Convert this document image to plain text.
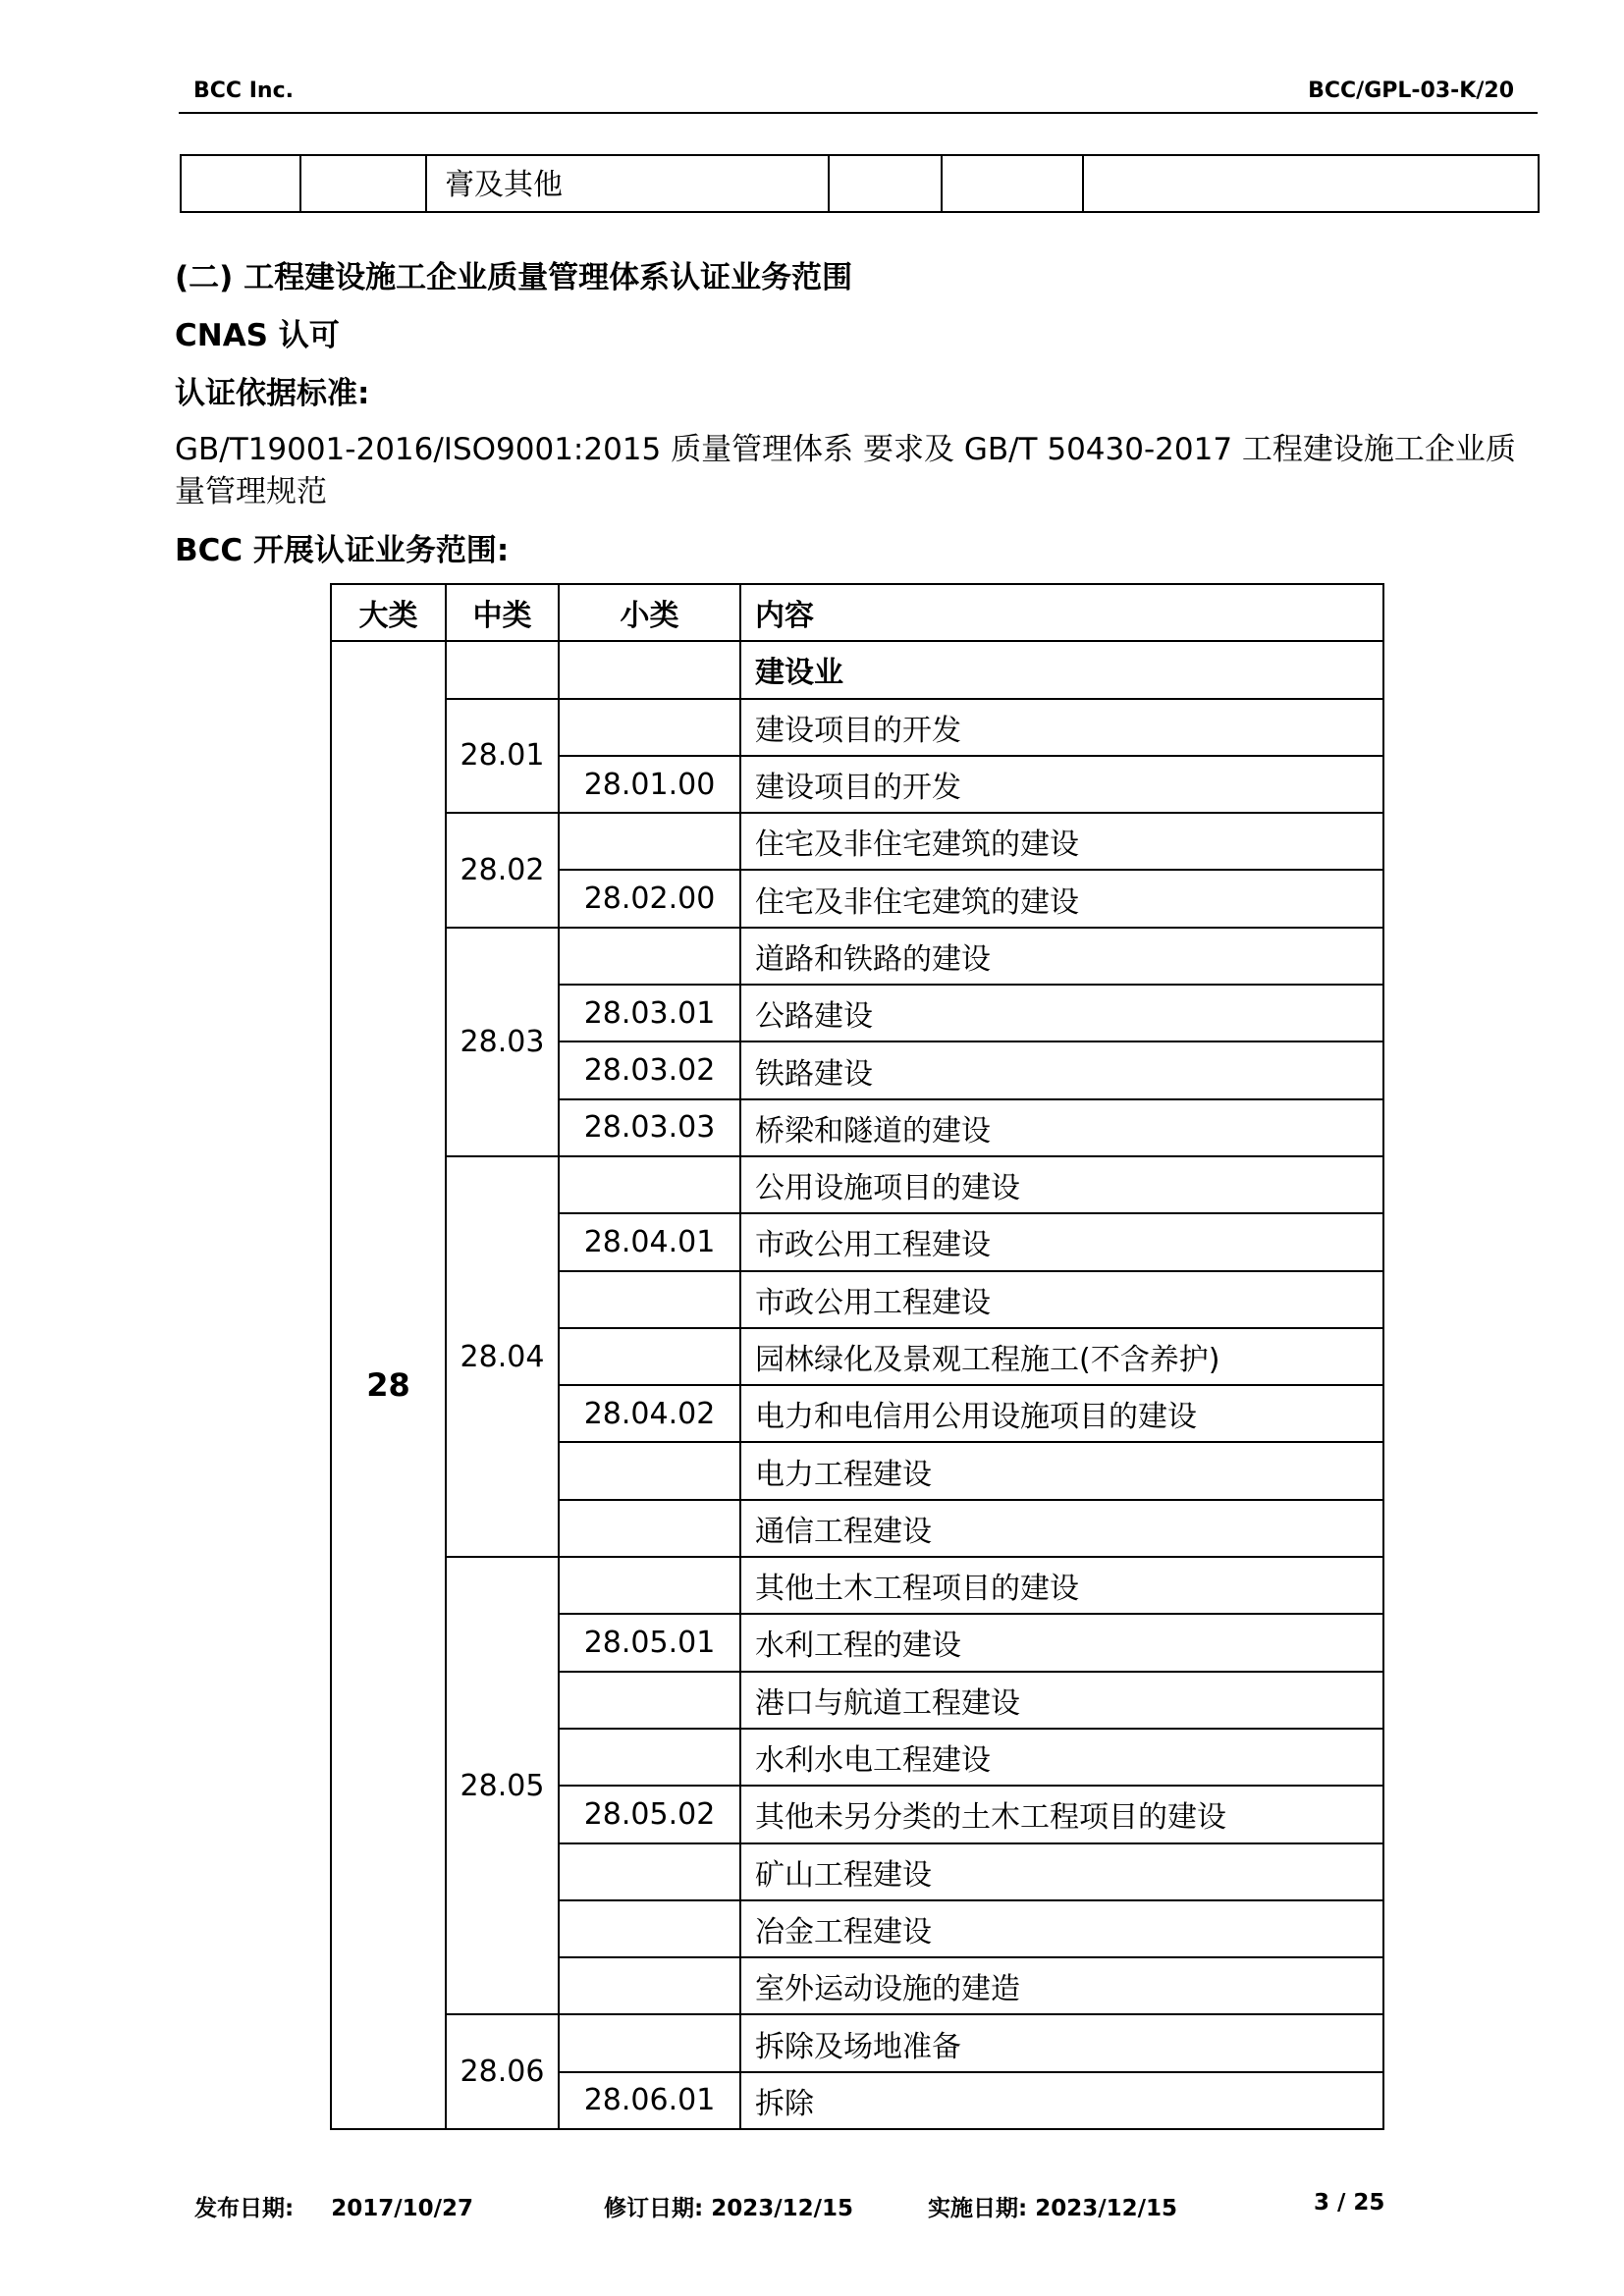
BCC Inc.	BCC/GPL-03-K/20
		膏及其他			
(二) 工程建设施工企业质量管理体系认证业务范围
CNAS 认可
认证依据标准:
GB/T19001-2016/ISO9001:2015 质量管理体系 要求及 GB/T 50430-2017 工程建设施工企业质
量管理规范
BCC 开展认证业务范围:
大类	中类	小类	内容
28			建设业
	28.01		建设项目的开发
		28.01.00	建设项目的开发
	28.02		住宅及非住宅建筑的建设
		28.02.00	住宅及非住宅建筑的建设
	28.03		道路和铁路的建设
		28.03.01	公路建设
		28.03.02	铁路建设
		28.03.03	桥梁和隧道的建设
	28.04		公用设施项目的建设
		28.04.01	市政公用工程建设
			市政公用工程建设
			园林绿化及景观工程施工(不含养护)
		28.04.02	电力和电信用公用设施项目的建设
			电力工程建设
			通信工程建设
	28.05		其他土木工程项目的建设
		28.05.01	水利工程的建设
			港口与航道工程建设
			水利水电工程建设
		28.05.02	其他未另分类的土木工程项目的建设
			矿山工程建设
			冶金工程建设
			室外运动设施的建造
	28.06		拆除及场地准备
		28.06.01	拆除
发布日期: 2017/10/27	修订日期: 2023/12/15	实施日期: 2023/12/15	3 / 25
